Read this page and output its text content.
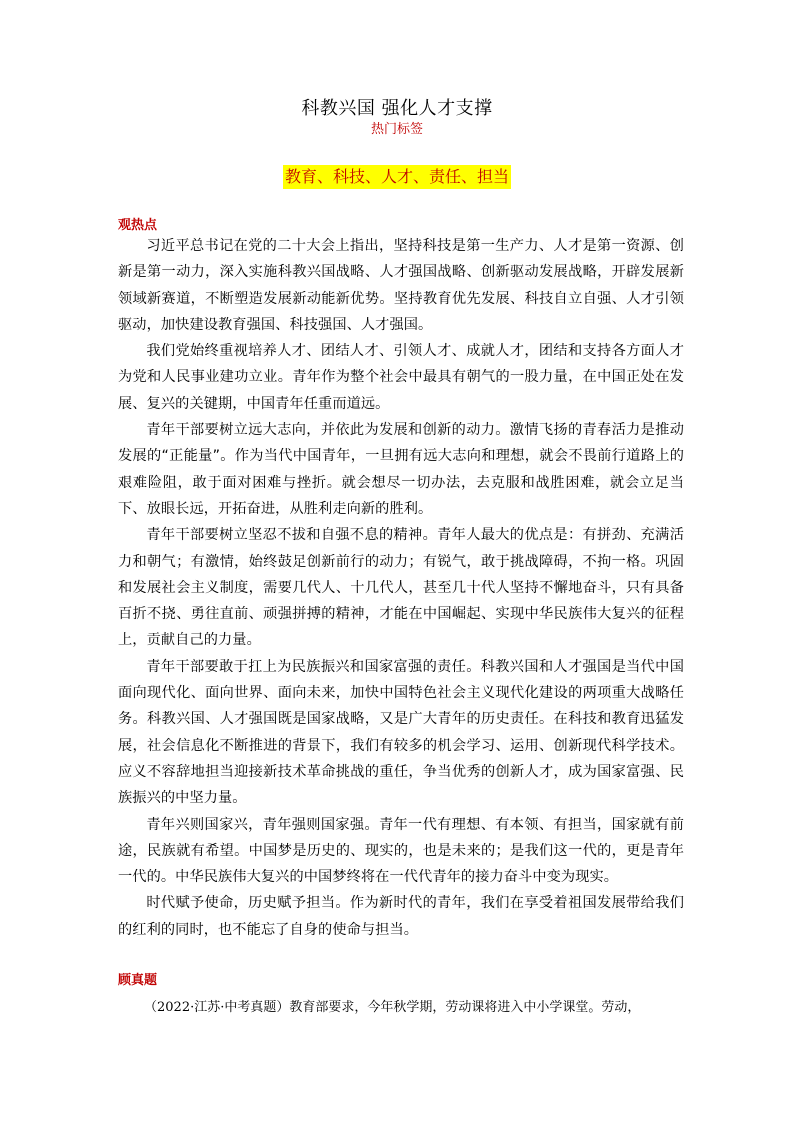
科教兴国 强化人才支撑
热门标签
教育、科技、人才、责任、担当
观热点

习近平总书记在党的二十大会上指出，坚持科技是第一生产力、人才是第一资源、创新是第一动力，深入实施科教兴国战略、人才强国战略、创新驱动发展战略，开辟发展新领域新赛道，不断塑造发展新动能新优势。坚持教育优先发展、科技自立自强、人才引领驱动，加快建设教育强国、科技强国、人才强国。

我们党始终重视培养人才、团结人才、引领人才、成就人才，团结和支持各方面人才为党和人民事业建功立业。青年作为整个社会中最具有朝气的一股力量，在中国正处在发展、复兴的关键期，中国青年任重而道远。

青年干部要树立远大志向，并依此为发展和创新的动力。激情飞扬的青春活力是推动发展的“正能量”。作为当代中国青年，一旦拥有远大志向和理想，就会不畏前行道路上的艰难险阻，敢于面对困难与挫折。就会想尽一切办法，去克服和战胜困难，就会立足当下、放眼长远，开拓奋进，从胜利走向新的胜利。

青年干部要树立坚忍不拔和自强不息的精神。青年人最大的优点是：有拼劲、充满活力和朝气；有激情，始终鼓足创新前行的动力；有锐气，敢于挑战障碍，不拘一格。巩固和发展社会主义制度，需要几代人、十几代人，甚至几十代人坚持不懈地奋斗，只有具备百折不挠、勇往直前、顽强拼搏的精神，才能在中国崛起、实现中华民族伟大复兴的征程上，贡献自己的力量。

青年干部要敢于扛上为民族振兴和国家富强的责任。科教兴国和人才强国是当代中国面向现代化、面向世界、面向未来，加快中国特色社会主义现代化建设的两项重大战略任务。科教兴国、人才强国既是国家战略，又是广大青年的历史责任。在科技和教育迅猛发展，社会信息化不断推进的背景下，我们有较多的机会学习、运用、创新现代科学技术。应义不容辞地担当迎接新技术革命挑战的重任，争当优秀的创新人才，成为国家富强、民族振兴的中坚力量。

青年兴则国家兴，青年强则国家强。青年一代有理想、有本领、有担当，国家就有前途，民族就有希望。中国梦是历史的、现实的，也是未来的；是我们这一代的，更是青年一代的。中华民族伟大复兴的中国梦终将在一代代青年的接力奋斗中变为现实。

时代赋予使命，历史赋予担当。作为新时代的青年，我们在享受着祖国发展带给我们的红利的同时，也不能忘了自身的使命与担当。

顾真题

（2022·江苏·中考真题）教育部要求，今年秋学期，劳动课将进入中小学课堂。劳动，
